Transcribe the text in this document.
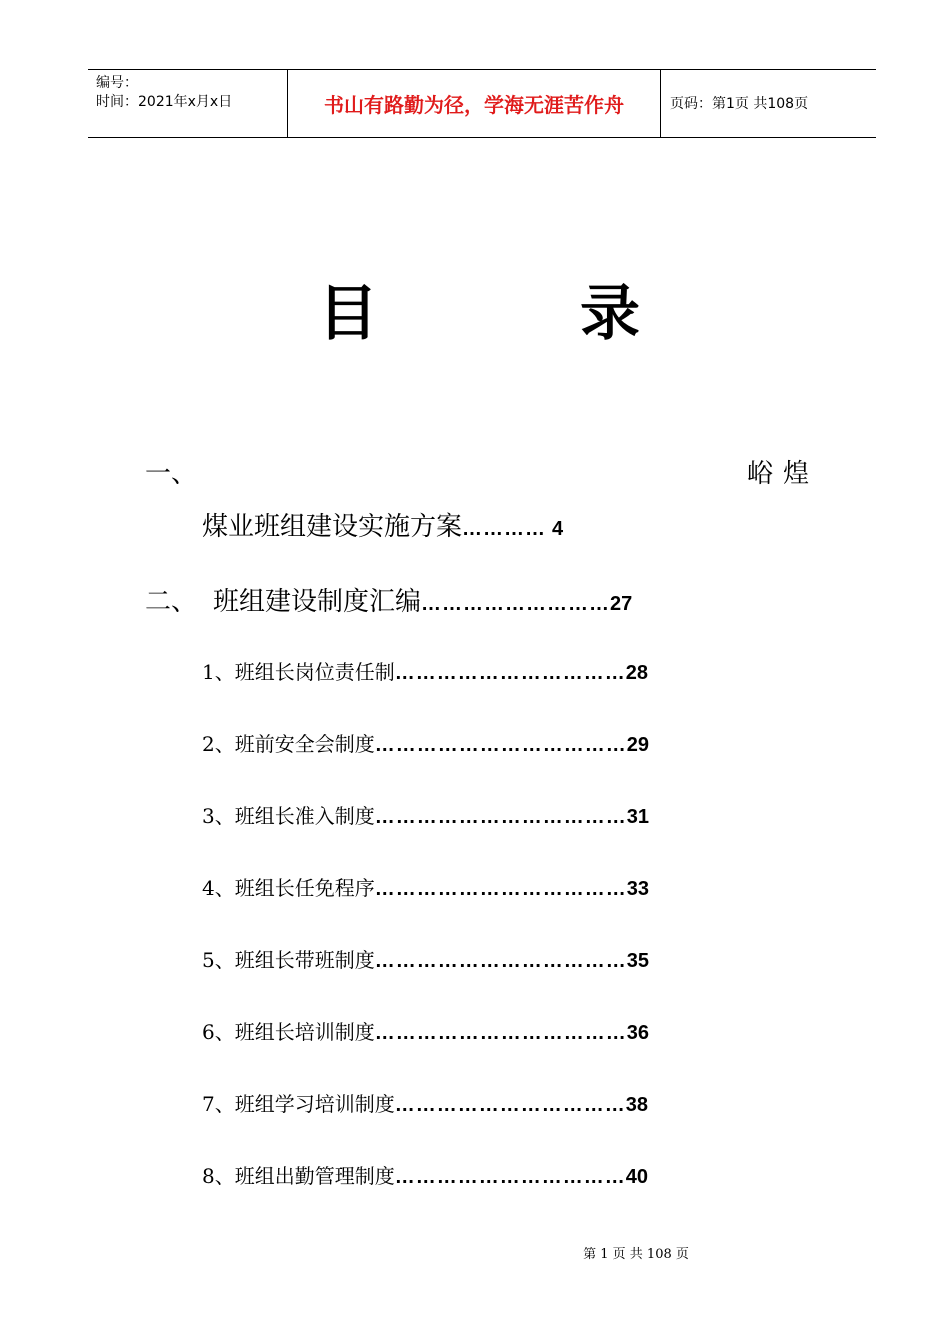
编号：
时间：2021年x月x日	书山有路勤为径，学海无涯苦作舟	页码：第1页 共108页
目	录
一、	峪煌
煤业班组建设实施方案………… 4
二、 班组建设制度汇编………………………27
1、班组长岗位责任制……………………………28
2、班前安全会制度………………………………29
3、班组长准入制度………………………………31
4、班组长任免程序………………………………33
5、班组长带班制度………………………………35
6、班组长培训制度………………………………36
7、班组学习培训制度……………………………38
8、班组出勤管理制度……………………………40
第 1 页 共 108 页
